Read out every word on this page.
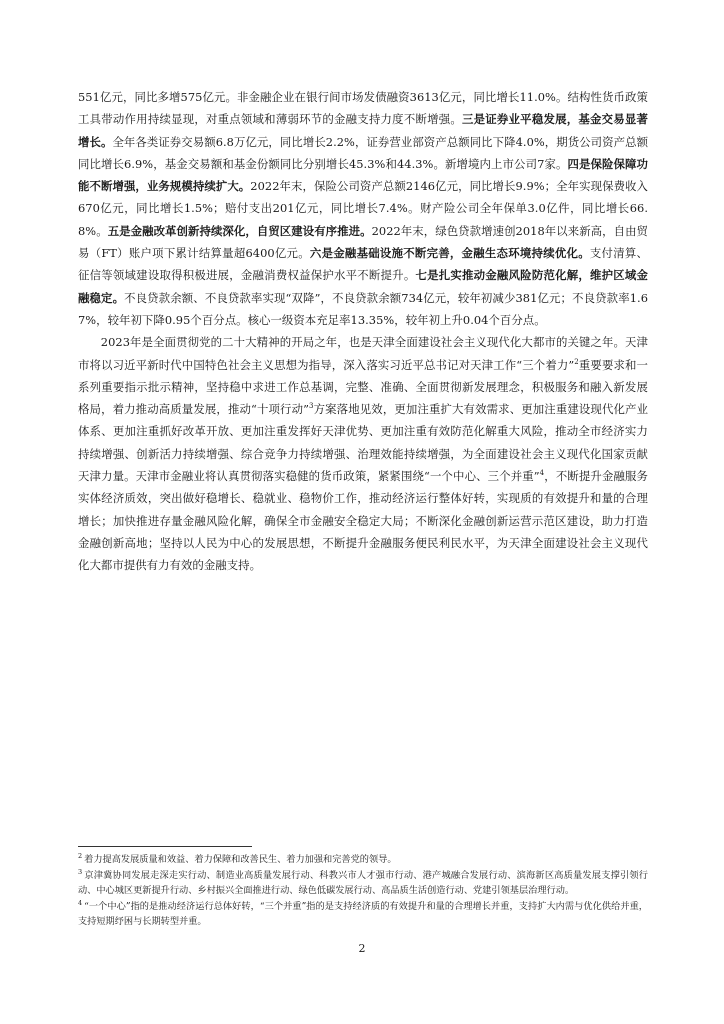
551亿元，同比多增575亿元。非金融企业在银行间市场发债融资3613亿元，同比增长11.0%。结构性货币政策工具带动作用持续显现，对重点领域和薄弱环节的金融支持力度不断增强。三是证券业平稳发展，基金交易显著增长。全年各类证券交易额6.8万亿元，同比增长2.2%，证券营业部资产总额同比下降4.0%，期货公司资产总额同比增长6.9%，基金交易额和基金份额同比分别增长45.3%和44.3%。新增境内上市公司7家。四是保险保障功能不断增强，业务规模持续扩大。2022年末，保险公司资产总额2146亿元，同比增长9.9%；全年实现保费收入670亿元，同比增长1.5%；赔付支出201亿元，同比增长7.4%。财产险公司全年保单3.0亿件，同比增长66.8%。五是金融改革创新持续深化，自贸区建设有序推进。2022年末，绿色贷款增速创2018年以来新高，自由贸易（FT）账户项下累计结算量超6400亿元。六是金融基础设施不断完善，金融生态环境持续优化。支付清算、征信等领域建设取得积极进展，金融消费权益保护水平不断提升。七是扎实推动金融风险防范化解，维护区域金融稳定。不良贷款余额、不良贷款率实现“双降”，不良贷款余额734亿元，较年初减少381亿元；不良贷款率1.67%，较年初下降0.95个百分点。核心一级资本充足率13.35%，较年初上升0.04个百分点。

2023年是全面贯彻党的二十大精神的开局之年，也是天津全面建设社会主义现代化大都市的关键之年。天津市将以习近平新时代中国特色社会主义思想为指导，深入落实习近平总书记对天津工作“三个着力”$^2$重要要求和一系列重要指示批示精神，坚持稳中求进工作总基调，完整、准确、全面贯彻新发展理念，积极服务和融入新发展格局，着力推动高质量发展，推动“十项行动”$^3$方案落地见效，更加注重扩大有效需求、更加注重建设现代化产业体系、更加注重抓好改革开放、更加注重发挥好天津优势、更加注重有效防范化解重大风险，推动全市经济实力持续增强、创新活力持续增强、综合竞争力持续增强、治理效能持续增强，为全面建设社会主义现代化国家贡献天津力量。天津市金融业将认真贯彻落实稳健的货币政策，紧紧围绕“一个中心、三个并重”$^4$，不断提升金融服务实体经济质效，突出做好稳增长、稳就业、稳物价工作，推动经济运行整体好转，实现质的有效提升和量的合理增长；加快推进存量金融风险化解，确保全市金融安全稳定大局；不断深化金融创新运营示范区建设，助力打造金融创新高地；坚持以人民为中心的发展思想，不断提升金融服务便民利民水平，为天津全面建设社会主义现代化大都市提供有力有效的金融支持。

$^2$ 着力提高发展质量和效益、着力保障和改善民生、着力加强和完善党的领导。

$^3$ 京津冀协同发展走深走实行动、制造业高质量发展行动、科教兴市人才强市行动、港产城融合发展行动、滨海新区高质量发展支撑引领行动、中心城区更新提升行动、乡村振兴全面推进行动、绿色低碳发展行动、高品质生活创造行动、党建引领基层治理行动。

$^4$ “一个中心”指的是推动经济运行总体好转，“三个并重”指的是支持经济质的有效提升和量的合理增长并重，支持扩大内需与优化供给并重，支持短期纾困与长期转型并重。

2
